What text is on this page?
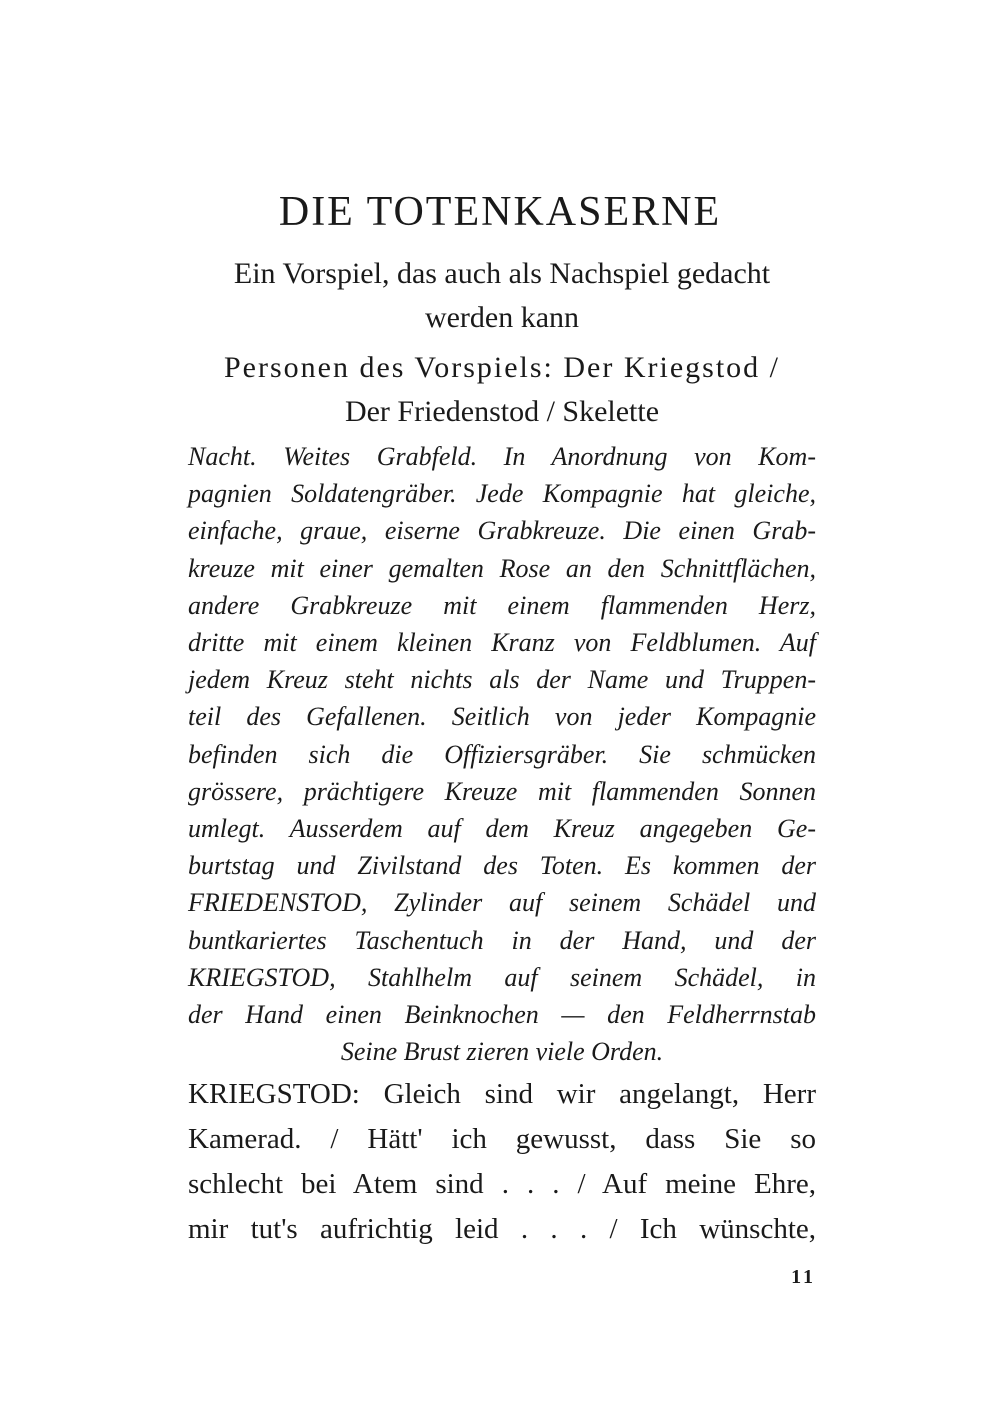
DIE TOTENKASERNE
Ein Vorspiel, das auch als Nachspiel gedacht
werden kann
Personen des Vorspiels: Der Kriegstod /
Der Friedenstod / Skelette
Nacht. Weites Grabfeld. In Anordnung von Kom-
pagnien Soldatengräber. Jede Kompagnie hat gleiche,
einfache, graue, eiserne Grabkreuze. Die einen Grab-
kreuze mit einer gemalten Rose an den Schnittflächen,
andere Grabkreuze mit einem flammenden Herz,
dritte mit einem kleinen Kranz von Feldblumen. Auf
jedem Kreuz steht nichts als der Name und Truppen-
teil des Gefallenen. Seitlich von jeder Kompagnie
befinden sich die Offiziersgräber. Sie schmücken
grössere, prächtigere Kreuze mit flammenden Sonnen
umlegt. Ausserdem auf dem Kreuz angegeben Ge-
burtstag und Zivilstand des Toten. Es kommen der
FRIEDENSTOD, Zylinder auf seinem Schädel und
buntkariertes Taschentuch in der Hand, und der
KRIEGSTOD, Stahlhelm auf seinem Schädel, in
der Hand einen Beinknochen — den Feldherrnstab
Seine Brust zieren viele Orden.
KRIEGSTOD: Gleich sind wir angelangt, Herr
Kamerad. / Hätt' ich gewusst, dass Sie so
schlecht bei Atem sind . . . / Auf meine Ehre,
mir tut's aufrichtig leid . . . / Ich wünschte,
11
